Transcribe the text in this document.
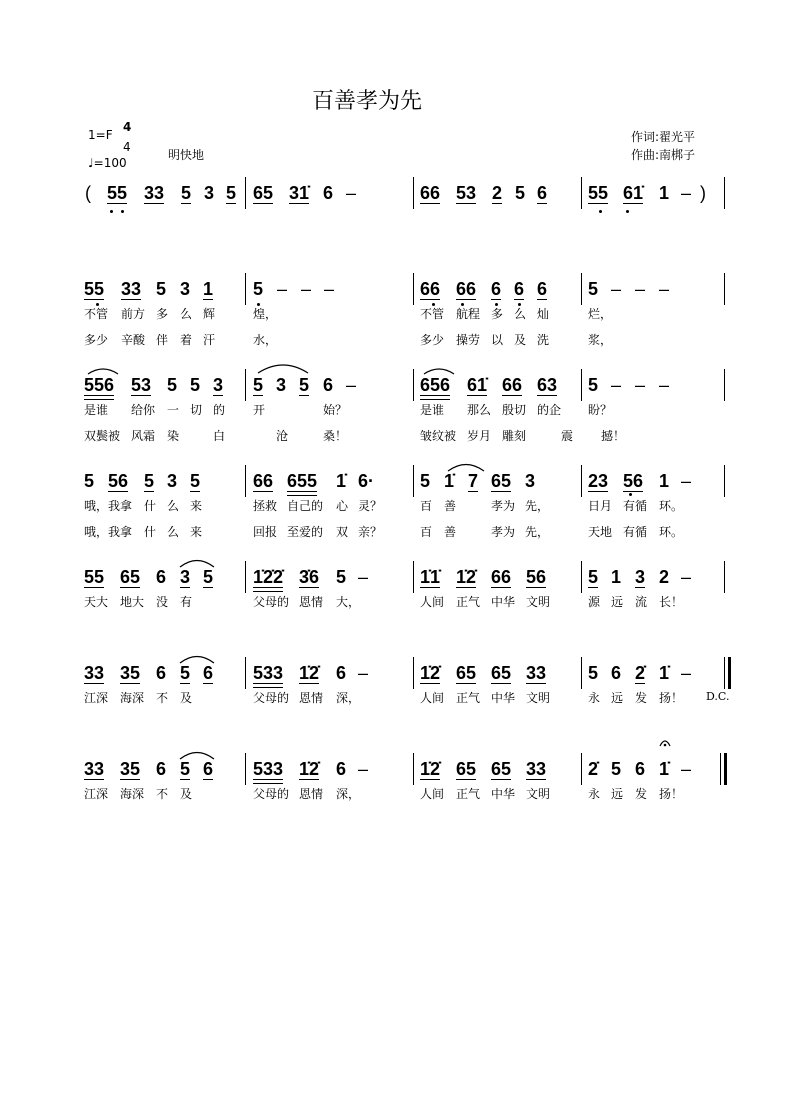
百善孝为先
1=F
4
4
♩=100
明快地
作词:翟光平
作曲:南梆子
( 55 33 5 3 5 65 31̇ 6 –	66 53 2 5 6 55 61̇ 1 – )
55 33 5 3 1 5 – – –	66 66 6 6 6 5 – – –
不管 前方 多 么 辉	煌，	不管 航程 多 么 灿	烂，
多少 辛酸 伴 着 汗	水，	多少 操劳 以 及 洗	浆，
556 53 5 5 3 5 3 5 6 –	656 61̇ 66 63 5 – – –
是谁 给你 一 切 的 开	始？	是谁 那么 殷切 的企 盼？
双鬓被 风霜 染	白	沧	桑！	皱纹被 岁月 雕刻	震 撼！
5 56 5 3 5	66 655 1̇ 6·	5 1̇ 7 65 3	23 56 1 –
哦，我拿 什 么 来	拯救 自己的 心 灵？	百 善	孝为 先，	日月 有循 环。
哦，我拿 什 么 来	回报 至爱的 双 亲？	百 善	孝为 先，	天地 有循 环。
55 65 6 3 5 1̇2̇2̇ 3̇6 5 –	1̇1̇ 1̇2̇ 66 56 5 1 3 2 –
天大 地大 没 有	父母的 恩情 大，	人间 正气 中华 文明	源 远 流 长！
33 35 6 5 6 533 1̇2̇ 6 –	1̇2̇ 65 65 33 5 6 2̇ 1̇ –
D.C.
江深 海深 不 及	父母的 恩情 深，	人间 正气 中华 文明	永 远 发 扬！
33 35 6 5 6 533 1̇2̇ 6 –	1̇2̇ 65 65 33 2̇ 5 6 1̇ –
江深 海深 不 及	父母的 恩情 深，	人间 正气 中华 文明	永 远 发 扬！
